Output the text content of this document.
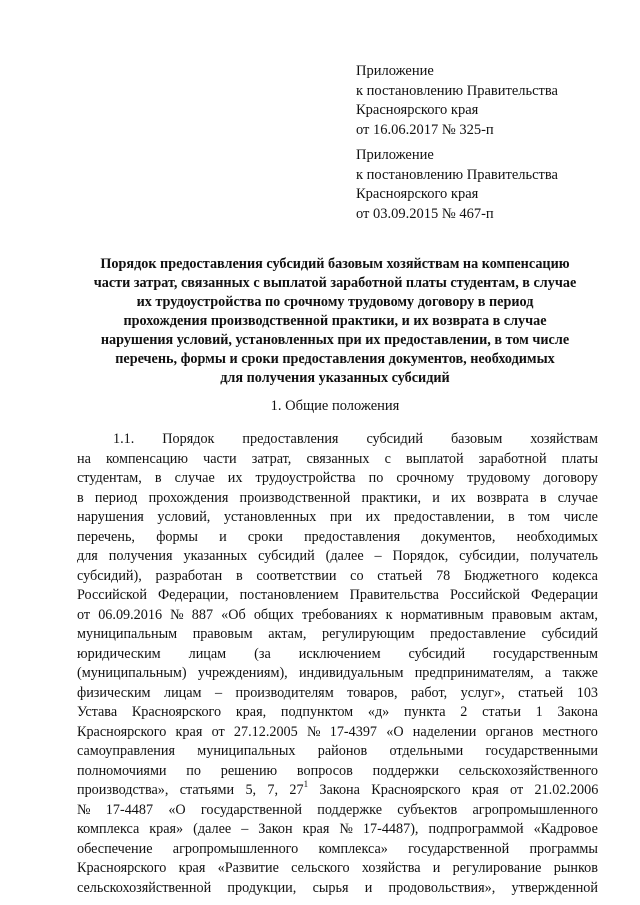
Приложение
к постановлению Правительства
Красноярского края
от 16.06.2017 № 325-п
Приложение
к постановлению Правительства
Красноярского края
от 03.09.2015 № 467-п
Порядок предоставления субсидий базовым хозяйствам на компенсацию
части затрат, связанных с выплатой заработной платы студентам, в случае
их трудоустройства по срочному трудовому договору в период
прохождения производственной практики, и их возврата в случае
нарушения условий, установленных при их предоставлении, в том числе
перечень, формы и сроки предоставления документов, необходимых
для получения указанных субсидий
1. Общие положения
1.1. Порядок предоставления субсидий базовым хозяйствам
на компенсацию части затрат, связанных с выплатой заработной платы
студентам, в случае их трудоустройства по срочному трудовому договору
в период прохождения производственной практики, и их возврата в случае
нарушения условий, установленных при их предоставлении, в том числе
перечень, формы и сроки предоставления документов, необходимых
для получения указанных субсидий (далее – Порядок, субсидии, получатель
субсидий), разработан в соответствии со статьей 78 Бюджетного кодекса
Российской Федерации, постановлением Правительства Российской Федерации
от 06.09.2016 № 887 «Об общих требованиях к нормативным правовым актам,
муниципальным правовым актам, регулирующим предоставление субсидий
юридическим лицам (за исключением субсидий государственным
(муниципальным) учреждениям), индивидуальным предпринимателям, а также
физическим лицам – производителям товаров, работ, услуг», статьей 103
Устава Красноярского края, подпунктом «д» пункта 2 статьи 1 Закона
Красноярского края от 27.12.2005 № 17-4397 «О наделении органов местного
самоуправления муниципальных районов отдельными государственными
полномочиями по решению вопросов поддержки сельскохозяйственного
производства», статьями 5, 7, $27^1$ Закона Красноярского края от 21.02.2006
№ 17-4487 «О государственной поддержке субъектов агропромышленного
комплекса края» (далее – Закон края № 17-4487), подпрограммой «Кадровое
обеспечение агропромышленного комплекса» государственной программы
Красноярского края «Развитие сельского хозяйства и регулирование рынков
сельскохозяйственной продукции, сырья и продовольствия», утвержденной
